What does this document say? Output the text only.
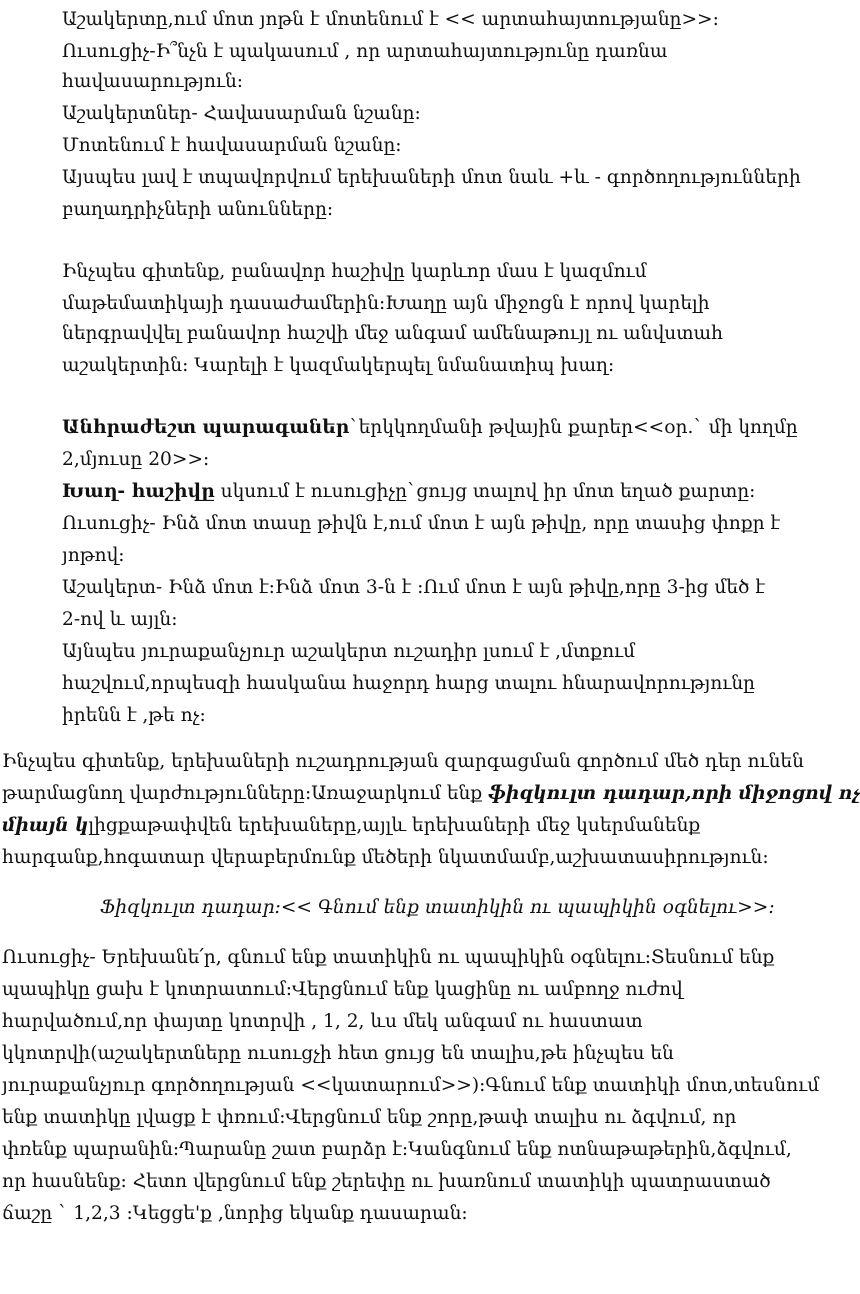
Աշակերտը,ում մոտ յոթն է մոտենում է << արտահայտությանը>>:
Ուսուցիչ-Ի՞նչն է պակասում , որ արտահայտությունը դառնա
հավասարություն:
Աշակերտներ- Հավասարման նշանը:
Մոտենում է հավասարման նշանը:
Այսպես լավ է տպավորվում երեխաների մոտ նաև +և - գործողությունների
բաղադրիչների անունները:
Ինչպես գիտենք, բանավոր հաշիվը կարևոր մաս է կազմում
մաթեմատիկայի դասաժամերին:Խաղը այն միջոցն է որով կարելի
ներգրավվել բանավոր հաշվի մեջ անգամ ամենաթույլ ու անվստահ
աշակերտին: Կարելի է կազմակերպել նմանատիպ խաղ:
Անհրաժեշտ պարագաներ`երկկողմանի թվային քարեր<<օր.` մի կողմը
2,մյուսը 20>>:
Խաղ- հաշիվը սկսում է ուսուցիչը`ցույց տալով իր մոտ եղած քարտը:
Ուսուցիչ- Ինձ մոտ տասը թիվն է,ում մոտ է այն թիվը, որը տասից փոքր է
յոթով:
Աշակերտ- Ինձ մոտ է:Ինձ մոտ 3-ն է :Ում մոտ է այն թիվը,որը 3-ից մեծ է
2-ով և այլն:
Այնպես յուրաքանչյուր աշակերտ ուշադիր լսում է ,մտքում
հաշվում,որպեսզի հասկանա հաջորդ հարց տալու հնարավորությունը
իրենն է ,թե ոչ:
Ինչպես գիտենք, երեխաների ուշադրության զարգացման գործում մեծ դեր ունեն
թարմացնող վարժությունները:Առաջարկում ենք ֆիզկուլտ դադար,որի միջոցով ոչ
միայն կլիցքաթափվեն երեխաները,այլև երեխաների մեջ կսերմանենք
հարգանք,հոգատար վերաբերմունք մեծերի նկատմամբ,աշխատասիրություն:
Ֆիզկուլտ դադար:<< Գնում ենք տատիկին ու պապիկին օգնելու>>:
Ուսուցիչ- Երեխանե՛ր, գնում ենք տատիկին ու պապիկին օգնելու:Տեսնում ենք
պապիկը ցախ է կոտրատում:Վերցնում ենք կացինը ու ամբողջ ուժով
հարվածում,որ փայտը կոտրվի , 1, 2, ևս մեկ անգամ ու հաստատ
կկոտրվի(աշակերտները ուսուցչի հետ ցույց են տալիս,թե ինչպես են
յուրաքանչյուր գործողության <<կատարում>>):Գնում ենք տատիկի մոտ,տեսնում
ենք տատիկը լվացք է փռում:Վերցնում ենք շորը,թափ տալիս ու ձգվում, որ
փռենք պարանին:Պարանը շատ բարձր է:Կանգնում ենք ոտնաթաթերին,ձգվում,
որ հասնենք: Հետո վերցնում ենք շերեփը ու խառնում տատիկի պատրաստած
ճաշը ` 1,2,3 :Կեցցե'ք ,նորից եկանք դասարան:
